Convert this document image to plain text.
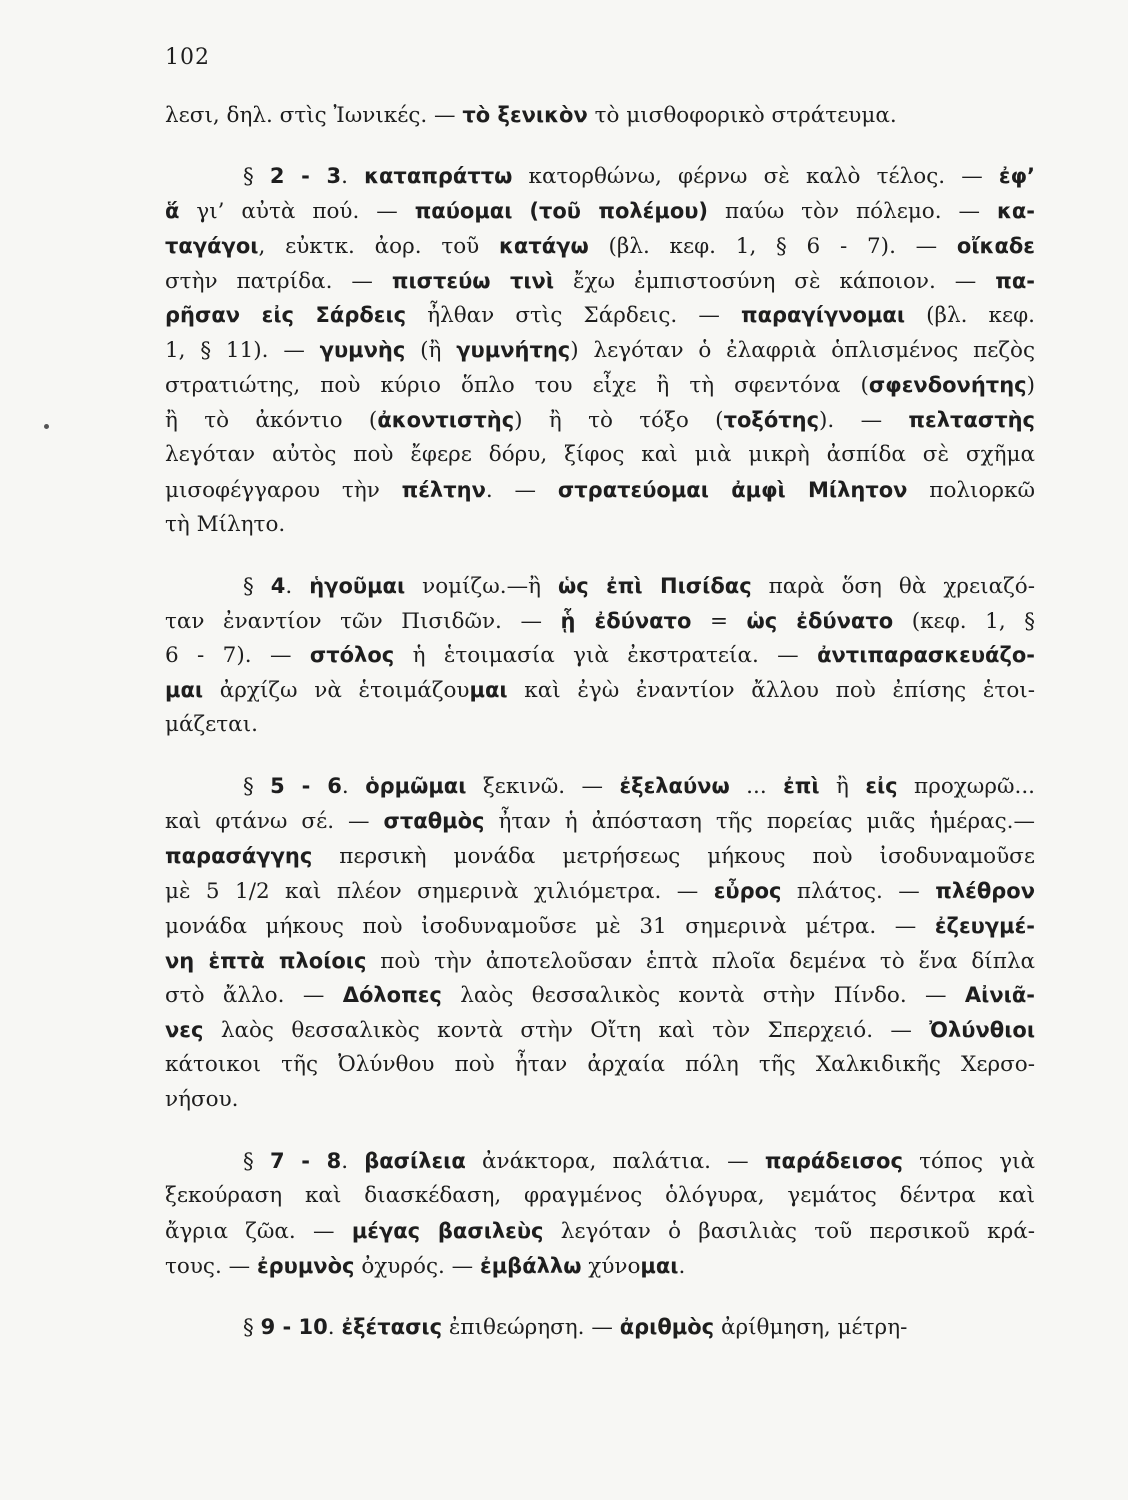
102
λεσι, δηλ. στὶς Ἰωνικές. — τὸ ξενικὸν τὸ μισθοφορικὸ στράτευμα.
§ 2 - 3. καταπράττω κατορθώνω, φέρνω σὲ καλὸ τέλος. — ἐφ’
ἅ γι’ αὐτὰ πού. — παύομαι (τοῦ πολέμου) παύω τὸν πόλεμο. — κα-
ταγάγοι, εὐκτκ. ἀορ. τοῦ κατάγω (βλ. κεφ. 1, § 6 - 7). — οἴκαδε
στὴν πατρίδα. — πιστεύω τινὶ ἔχω ἐμπιστοσύνη σὲ κάποιον. — πα-
ρῆσαν εἰς Σάρδεις ἦλθαν στὶς Σάρδεις. — παραγίγνομαι (βλ. κεφ.
1, § 11). — γυμνὴς (ἢ γυμνήτης) λεγόταν ὁ ἐλαφριὰ ὁπλισμένος πεζὸς
στρατιώτης, ποὺ κύριο ὅπλο του εἶχε ἢ τὴ σφεντόνα (σφενδονήτης)
ἢ τὸ ἀκόντιο (ἀκοντιστὴς) ἢ τὸ τόξο (τοξότης). — πελταστὴς
λεγόταν αὐτὸς ποὺ ἔφερε δόρυ, ξίφος καὶ μιὰ μικρὴ ἀσπίδα σὲ σχῆμα
μισοφέγγαρου τὴν πέλτην. — στρατεύομαι ἀμφὶ Μίλητον πολιορκῶ
τὴ Μίλητο.
§ 4. ἡγοῦμαι νομίζω.—ἢ ὡς ἐπὶ Πισίδας παρὰ ὅση θὰ χρειαζό-
ταν ἐναντίον τῶν Πισιδῶν. — ᾗ ἐδύνατο = ὡς ἐδύνατο (κεφ. 1, §
6 - 7). — στόλος ἡ ἑτοιμασία γιὰ ἐκστρατεία. — ἀντιπαρασκευάζο-
μαι ἀρχίζω νὰ ἑτοιμάζουμαι καὶ ἐγὼ ἐναντίον ἄλλου ποὺ ἐπίσης ἑτοι-
μάζεται.
§ 5 - 6. ὁρμῶμαι ξεκινῶ. — ἐξελαύνω ... ἐπὶ ἢ εἰς προχωρῶ...
καὶ φτάνω σέ. — σταθμὸς ἦταν ἡ ἀπόσταση τῆς πορείας μιᾶς ἡμέρας.—
παρασάγγης περσικὴ μονάδα μετρήσεως μήκους ποὺ ἰσοδυναμοῦσε
μὲ 5 1/2 καὶ πλέον σημερινὰ χιλιόμετρα. — εὖρος πλάτος. — πλέθρον
μονάδα μήκους ποὺ ἰσοδυναμοῦσε μὲ 31 σημερινὰ μέτρα. — ἐζευγμέ-
νη ἑπτὰ πλοίοις ποὺ τὴν ἀποτελοῦσαν ἑπτὰ πλοῖα δεμένα τὸ ἕνα δίπλα
στὸ ἄλλο. — Δόλοπες λαὸς θεσσαλικὸς κοντὰ στὴν Πίνδο. — Αἰνιᾶ-
νες λαὸς θεσσαλικὸς κοντὰ στὴν Οἴτη καὶ τὸν Σπερχειό. — Ὀλύνθιοι
κάτοικοι τῆς Ὀλύνθου ποὺ ἦταν ἀρχαία πόλη τῆς Χαλκιδικῆς Χερσο-
νήσου.
§ 7 - 8. βασίλεια ἀνάκτορα, παλάτια. — παράδεισος τόπος γιὰ
ξεκούραση καὶ διασκέδαση, φραγμένος ὁλόγυρα, γεμάτος δέντρα καὶ
ἄγρια ζῶα. — μέγας βασιλεὺς λεγόταν ὁ βασιλιὰς τοῦ περσικοῦ κρά-
τους. — ἐρυμνὸς ὀχυρός. — ἐμβάλλω χύνομαι.
§ 9 - 10. ἐξέτασις ἐπιθεώρηση. — ἀριθμὸς ἀρίθμηση, μέτρη-
